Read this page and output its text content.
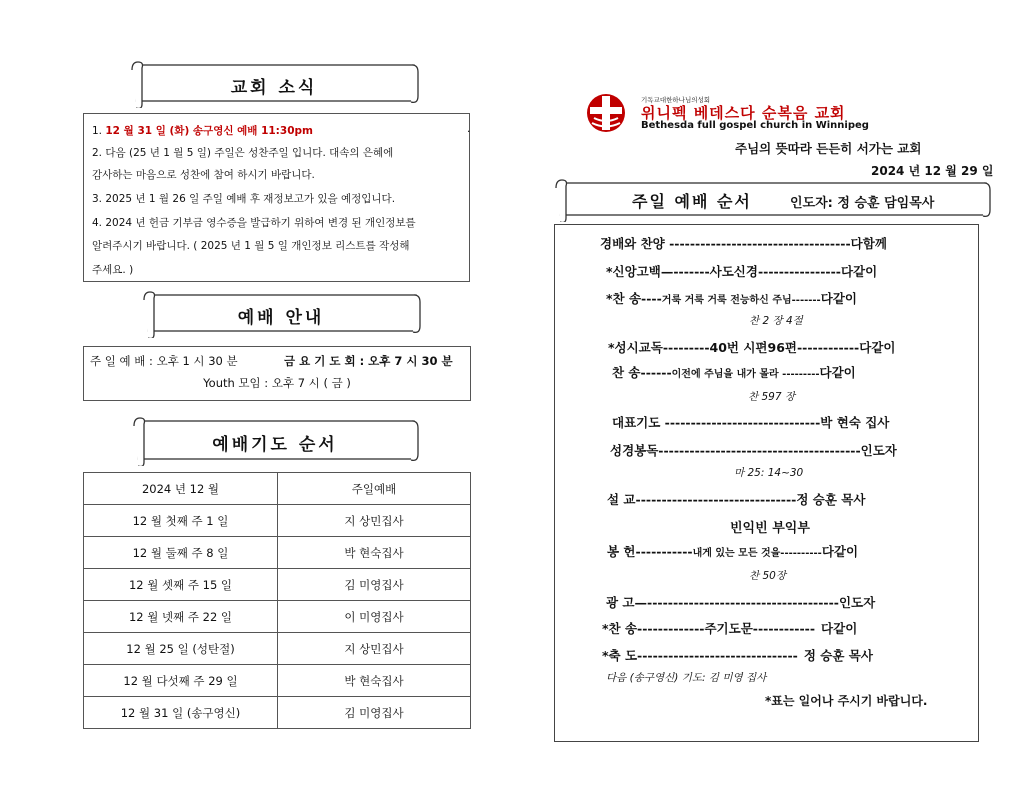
교회 소식
1. 12 월 31 일 (화) 송구영신 예배 11:30pm	.
2. 다음 (25 년 1 월 5 일) 주일은 성찬주일 입니다. 대속의 은혜에
감사하는 마음으로 성찬에 참여 하시기 바랍니다.
3. 2025 년 1 월 26 일 주일 예배 후 재정보고가 있을 예정입니다.
4. 2024 년 헌금 기부금 영수증을 발급하기 위하여 변경 된 개인정보를
알려주시기 바랍니다. ( 2025 년 1 월 5 일 개인정보 리스트를 작성해
주세요. )
예배 안내
주 일 예 배 : 오후 1 시 30 분	금 요 기 도 회 : 오후 7 시 30 분
Youth 모임 : 오후 7 시 ( 금 )
예배기도 순서
2024 년 12 월	주일예배
12 월 첫째 주 1 일	지 상민집사
12 월 둘째 주 8 일	박 현숙집사
12 월 셋째 주 15 일	김 미영집사
12 월 넷째 주 22 일	이 미영집사
12 월 25 일 (성탄절)	지 상민집사
12 월 다섯째 주 29 일	박 현숙집사
12 월 31 일 (송구영신)	김 미영집사
기독교대한하나님의성회
위니펙 베데스다 순복음 교회
Bethesda full gospel church in Winnipeg
주님의 뜻따라 든든히 서가는 교회
2024 년 12 월 29 일
주일 예배 순서	인도자: 정 승훈 담임목사
경배와 찬양 -----------------------------------다함께
*신앙고백—-------사도신경----------------다같이
*찬 송----거룩 거룩 거룩 전능하신 주님-------다같이
찬 2 장 4절
*성시교독---------40번 시편96편------------다같이
찬 송------이전에 주님을 내가 몰라 ---------다같이
찬 597 장
대표기도 ------------------------------박 현숙 집사
성경봉독---------------------------------------인도자
마 25: 14~30
설 교-------------------------------정 승훈 목사
빈익빈 부익부
봉 헌-----------내게 있는 모든 것을----------다같이
찬 50장
광 고—-------------------------------------인도자
*찬 송-------------주기도문------------ 다같이
*축 도------------------------------- 정 승훈 목사
다음 (송구영신) 기도: 김 미영 집사
*표는 일어나 주시기 바랍니다.
